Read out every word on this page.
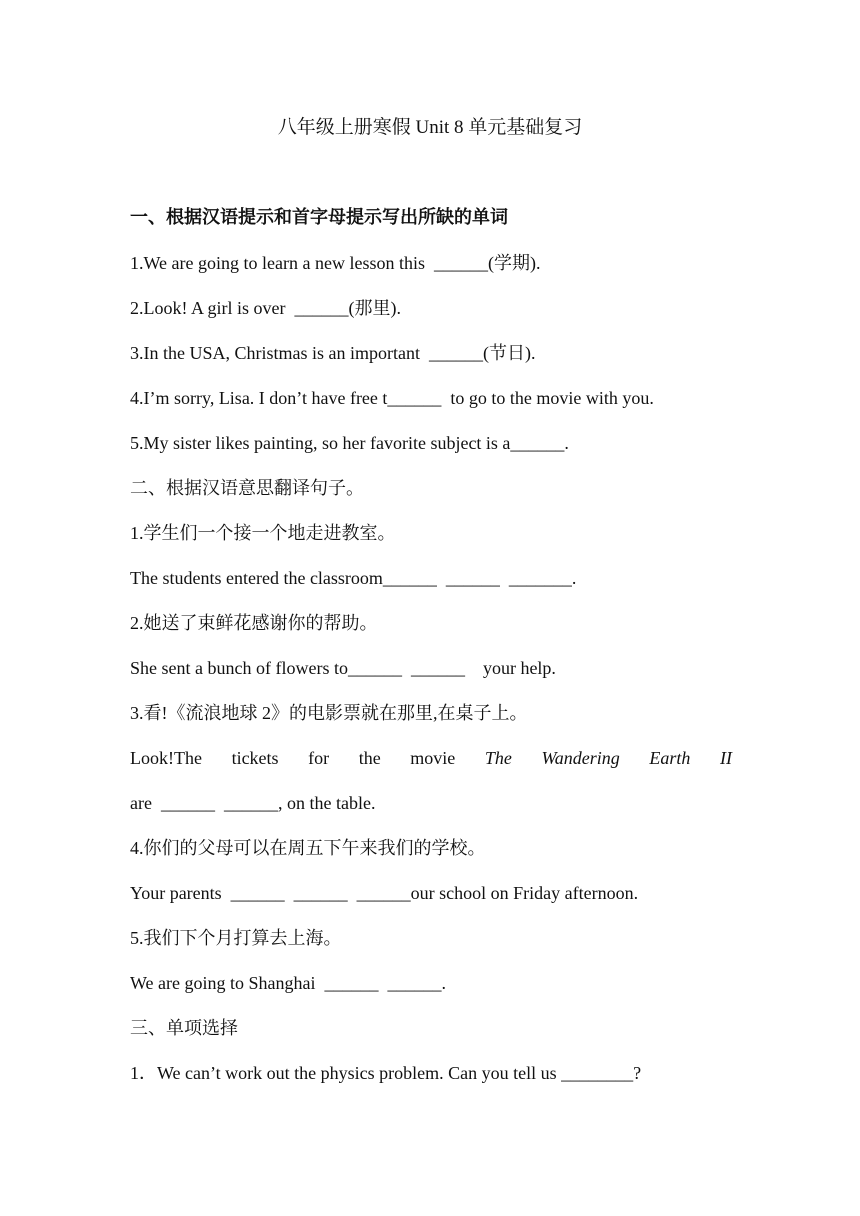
八年级上册寒假 Unit 8 单元基础复习
一、根据汉语提示和首字母提示写出所缺的单词
1.We are going to learn a new lesson this  ______(学期).
2.Look! A girl is over  ______(那里).
3.In the USA, Christmas is an important  ______(节日).
4.I’m sorry, Lisa. I don’t have free t______  to go to the movie with you.
5.My sister likes painting, so her favorite subject is a______.
二、根据汉语意思翻译句子。
1.学生们一个接一个地走进教室。
The students entered the classroom______  ______  _______.
2.她送了束鲜花感谢你的帮助。
She sent a bunch of flowers to______  ______    your help.
3.看!《流浪地球 2》的电影票就在那里,在桌子上。
Look!The tickets for the movie The Wandering Earth II
are  ______  ______, on the table.
4.你们的父母可以在周五下午来我们的学校。
Your parents  ______  ______  ______our school on Friday afternoon.
5.我们下个月打算去上海。
We are going to Shanghai  ______  ______.
三、单项选择
1．We can’t work out the physics problem. Can you tell us ________?
